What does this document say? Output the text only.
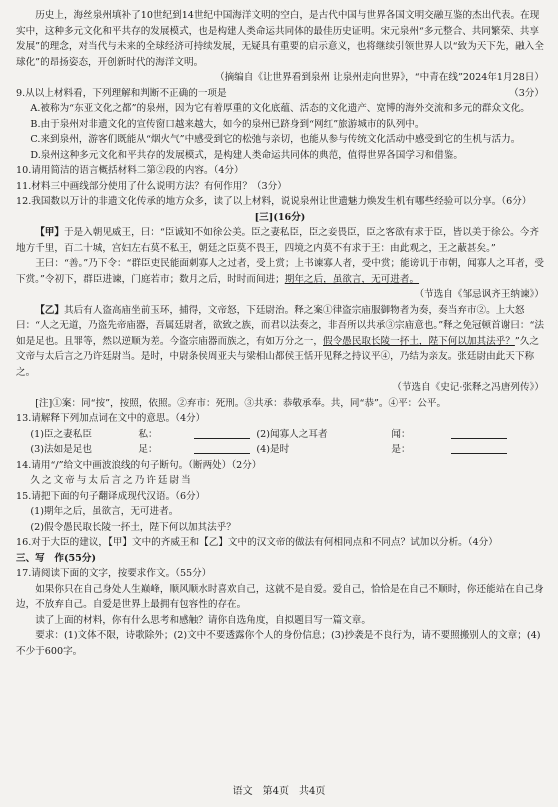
历史上，海丝泉州填补了10世纪到14世纪中国海洋文明的空白，是古代中国与世界各国文明交融互鉴的杰出代表。在现实中，这种多元文化和平共存的发展模式，也是构建人类命运共同体的最佳历史证明。宋元泉州“多元整合、共同繁荣、共享发展”的理念，对当代与未来的全球经济可持续发展，无疑具有重要的启示意义，也将继续引领世界人以“致为天下先，融入全球化”的昂扬姿态，开创新时代的海洋文明。

（摘编自《让世界看到泉州 让泉州走向世界》，“中青在线”2024年1月28日）

9.从以上材料看，下列理解和判断不正确的一项是	（3分）

A.被称为“东亚文化之都”的泉州，因为它有着厚重的文化底蕴、活态的文化遗产、宽博的海外交流和多元的群众文化。

B.由于泉州对非遗文化的宣传窗口越来越大，如今的泉州已跻身到“网红”旅游城市的队列中。

C.来到泉州，游客们既能从“烟火气”中感受到它的松弛与亲切，也能从参与传统文化活动中感受到它的生机与活力。

D.泉州这种多元文化和平共存的发展模式，是构建人类命运共同体的典范，值得世界各国学习和借鉴。

10.请用简洁的语言概括材料二第②段的内容。（4分）

11.材料三中画线部分使用了什么说明方法？有何作用？（3分）

12.我国数以万计的非遗文化传承的地方众多，读了以上材料，说说泉州让世遗魅力焕发生机有哪些经验可以分享。（6分）

[三](16分)

【甲】于是入朝见威王，曰：“臣诚知不如徐公美。臣之妻私臣，臣之妾畏臣，臣之客欲有求于臣，皆以美于徐公。今齐地方千里，百二十城，宫妇左右莫不私王，朝廷之臣莫不畏王，四境之内莫不有求于王：由此观之，王之蔽甚矣。”

王曰：“善。”乃下令：“群臣吏民能面刺寡人之过者，受上赏；上书谏寡人者，受中赏；能谤讥于市朝，闻寡人之耳者，受下赏。”令初下，群臣进谏，门庭若市；数月之后，时时而间进；期年之后，虽欲言，无可进者。

（节选自《邹忌讽齐王纳谏》）

【乙】其后有人盗高庙坐前玉环，捕得，文帝怒，下廷尉治。释之案①律盗宗庙服御物者为奏，奏当弃市②。上大怒曰：“人之无道，乃盗先帝庙器，吾属廷尉者，欲致之族，而君以法奏之，非吾所以共承③宗庙意也。”释之免冠顿首谢曰：“法如是足也。且罪等，然以逆顺为差。今盗宗庙器而族之，有如万分之一，假令愚民取长陵一抔土，陛下何以加其法乎？”久之文帝与太后言之乃许廷尉当。是时，中尉条侯周亚夫与梁相山都侯王恬开见释之持议平④，乃结为亲友。张廷尉由此天下称之。

（节选自《史记·张释之冯唐列传》）

[注]①案：同“按”，按照，依照。②弃市：死刑。③共承：恭敬承奉。共，同“恭”。④平：公平。

13.请解释下列加点词在文中的意思。（4分）

(1)臣之妻私臣	私：	(2)闻寡人之耳者	闻：
(3)法如是足也	足：	(4)是时	是：

14.请用“/”给文中画波浪线的句子断句。（断两处）（2分）

久之文帝与太后言之乃许廷尉当

15.请把下面的句子翻译成现代汉语。（6分）

(1)期年之后，虽欲言，无可进者。

(2)假令愚民取长陵一抔土，陛下何以加其法乎？

16.对于大臣的建议，【甲】文中的齐威王和【乙】文中的汉文帝的做法有何相同点和不同点？试加以分析。（4分）

三、写　作(55分)

17.请阅读下面的文字，按要求作文。（55分）

如果你只在自己身处人生巅峰，顺风顺水时喜欢自己，这就不是自爱。爱自己，恰恰是在自己不顺时，你还能站在自己身边，不放弃自己。自爱是世界上最拥有包容性的存在。

读了上面的材料，你有什么思考和感触？请你自选角度，自拟题目写一篇文章。

要求：(1)文体不限，诗歌除外；(2)文中不要透露你个人的身份信息；(3)抄袭是不良行为，请不要照搬别人的文章；(4)不少于600字。

语文　第4页　共4页
